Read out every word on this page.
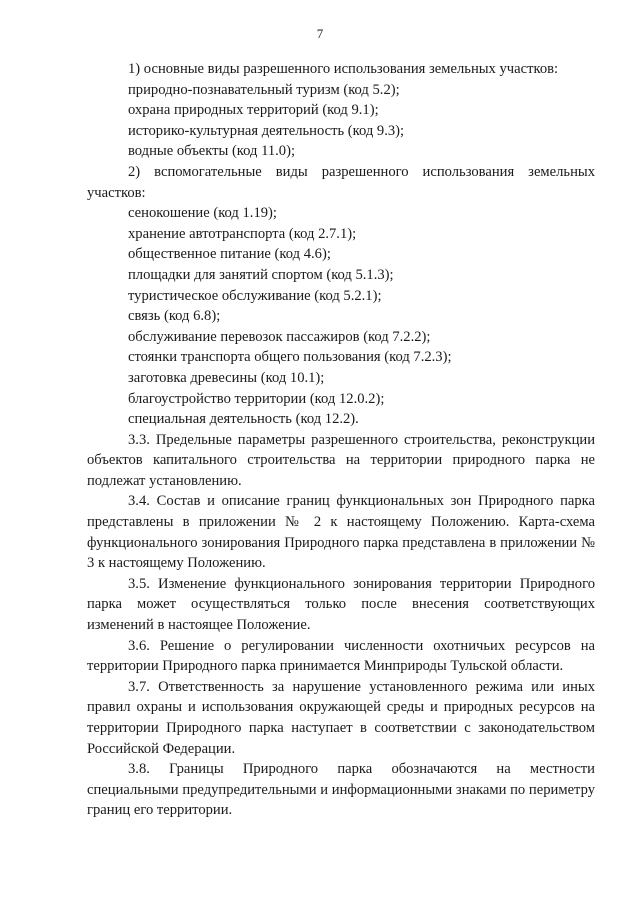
7

1) основные виды разрешенного использования земельных участков:

природно-познавательный туризм (код 5.2);

охрана природных территорий (код 9.1);

историко-культурная деятельность (код 9.3);

водные объекты (код 11.0);

2) вспомогательные виды разрешенного использования земельных участков:

сенокошение (код 1.19);

хранение автотранспорта (код 2.7.1);

общественное питание (код 4.6);

площадки для занятий спортом (код 5.1.3);

туристическое обслуживание (код 5.2.1);

связь (код 6.8);

обслуживание перевозок пассажиров (код 7.2.2);

стоянки транспорта общего пользования (код 7.2.3);

заготовка древесины (код 10.1);

благоустройство территории (код 12.0.2);

специальная деятельность (код 12.2).

3.3. Предельные параметры разрешенного строительства, реконструкции объектов капитального строительства на территории природного парка не подлежат установлению.

3.4. Состав и описание границ функциональных зон Природного парка представлены в приложении № 2 к настоящему Положению. Карта-схема функционального зонирования Природного парка представлена в приложении № 3 к настоящему Положению.

3.5. Изменение функционального зонирования территории Природного парка может осуществляться только после внесения соответствующих изменений в настоящее Положение.

3.6. Решение о регулировании численности охотничьих ресурсов на территории Природного парка принимается Минприроды Тульской области.

3.7. Ответственность за нарушение установленного режима или иных правил охраны и использования окружающей среды и природных ресурсов на территории Природного парка наступает в соответствии с законодательством Российской Федерации.

3.8. Границы Природного парка обозначаются на местности специальными предупредительными и информационными знаками по периметру границ его территории.
